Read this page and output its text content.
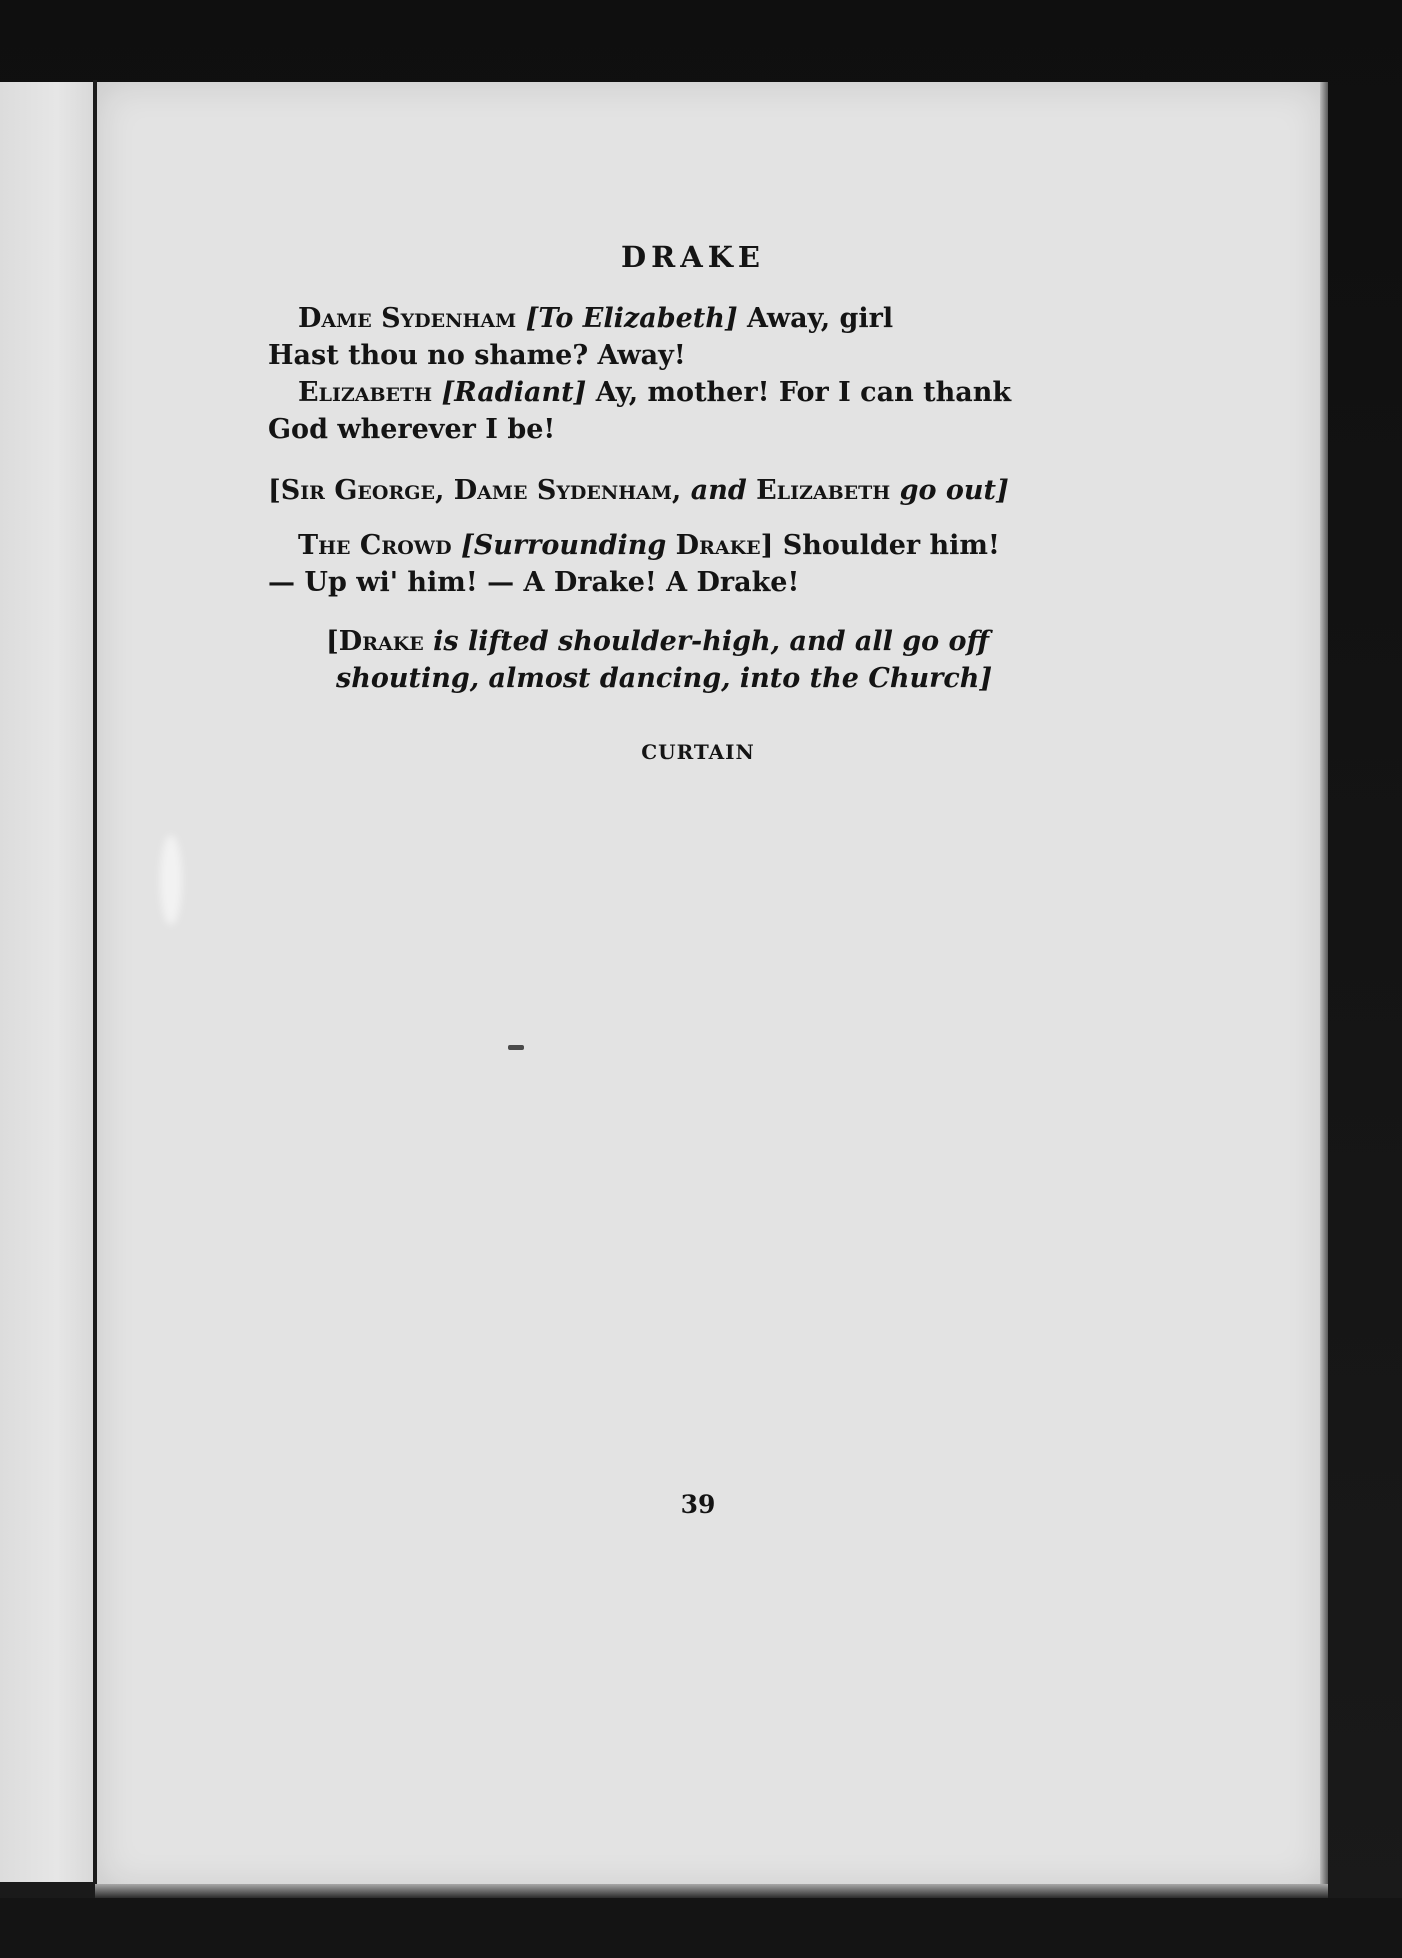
DRAKE

Dame Sydenham [To Elizabeth] Away, girl

Hast thou no shame? Away!

Elizabeth [Radiant] Ay, mother! For I can thank

God wherever I be!

[Sir George, Dame Sydenham, and Elizabeth go out]

The Crowd [Surrounding Drake] Shoulder him!

— Up wi' him! — A Drake! A Drake!

[Drake is lifted shoulder-high, and all go off shouting, almost dancing, into the Church]

CURTAIN
39
